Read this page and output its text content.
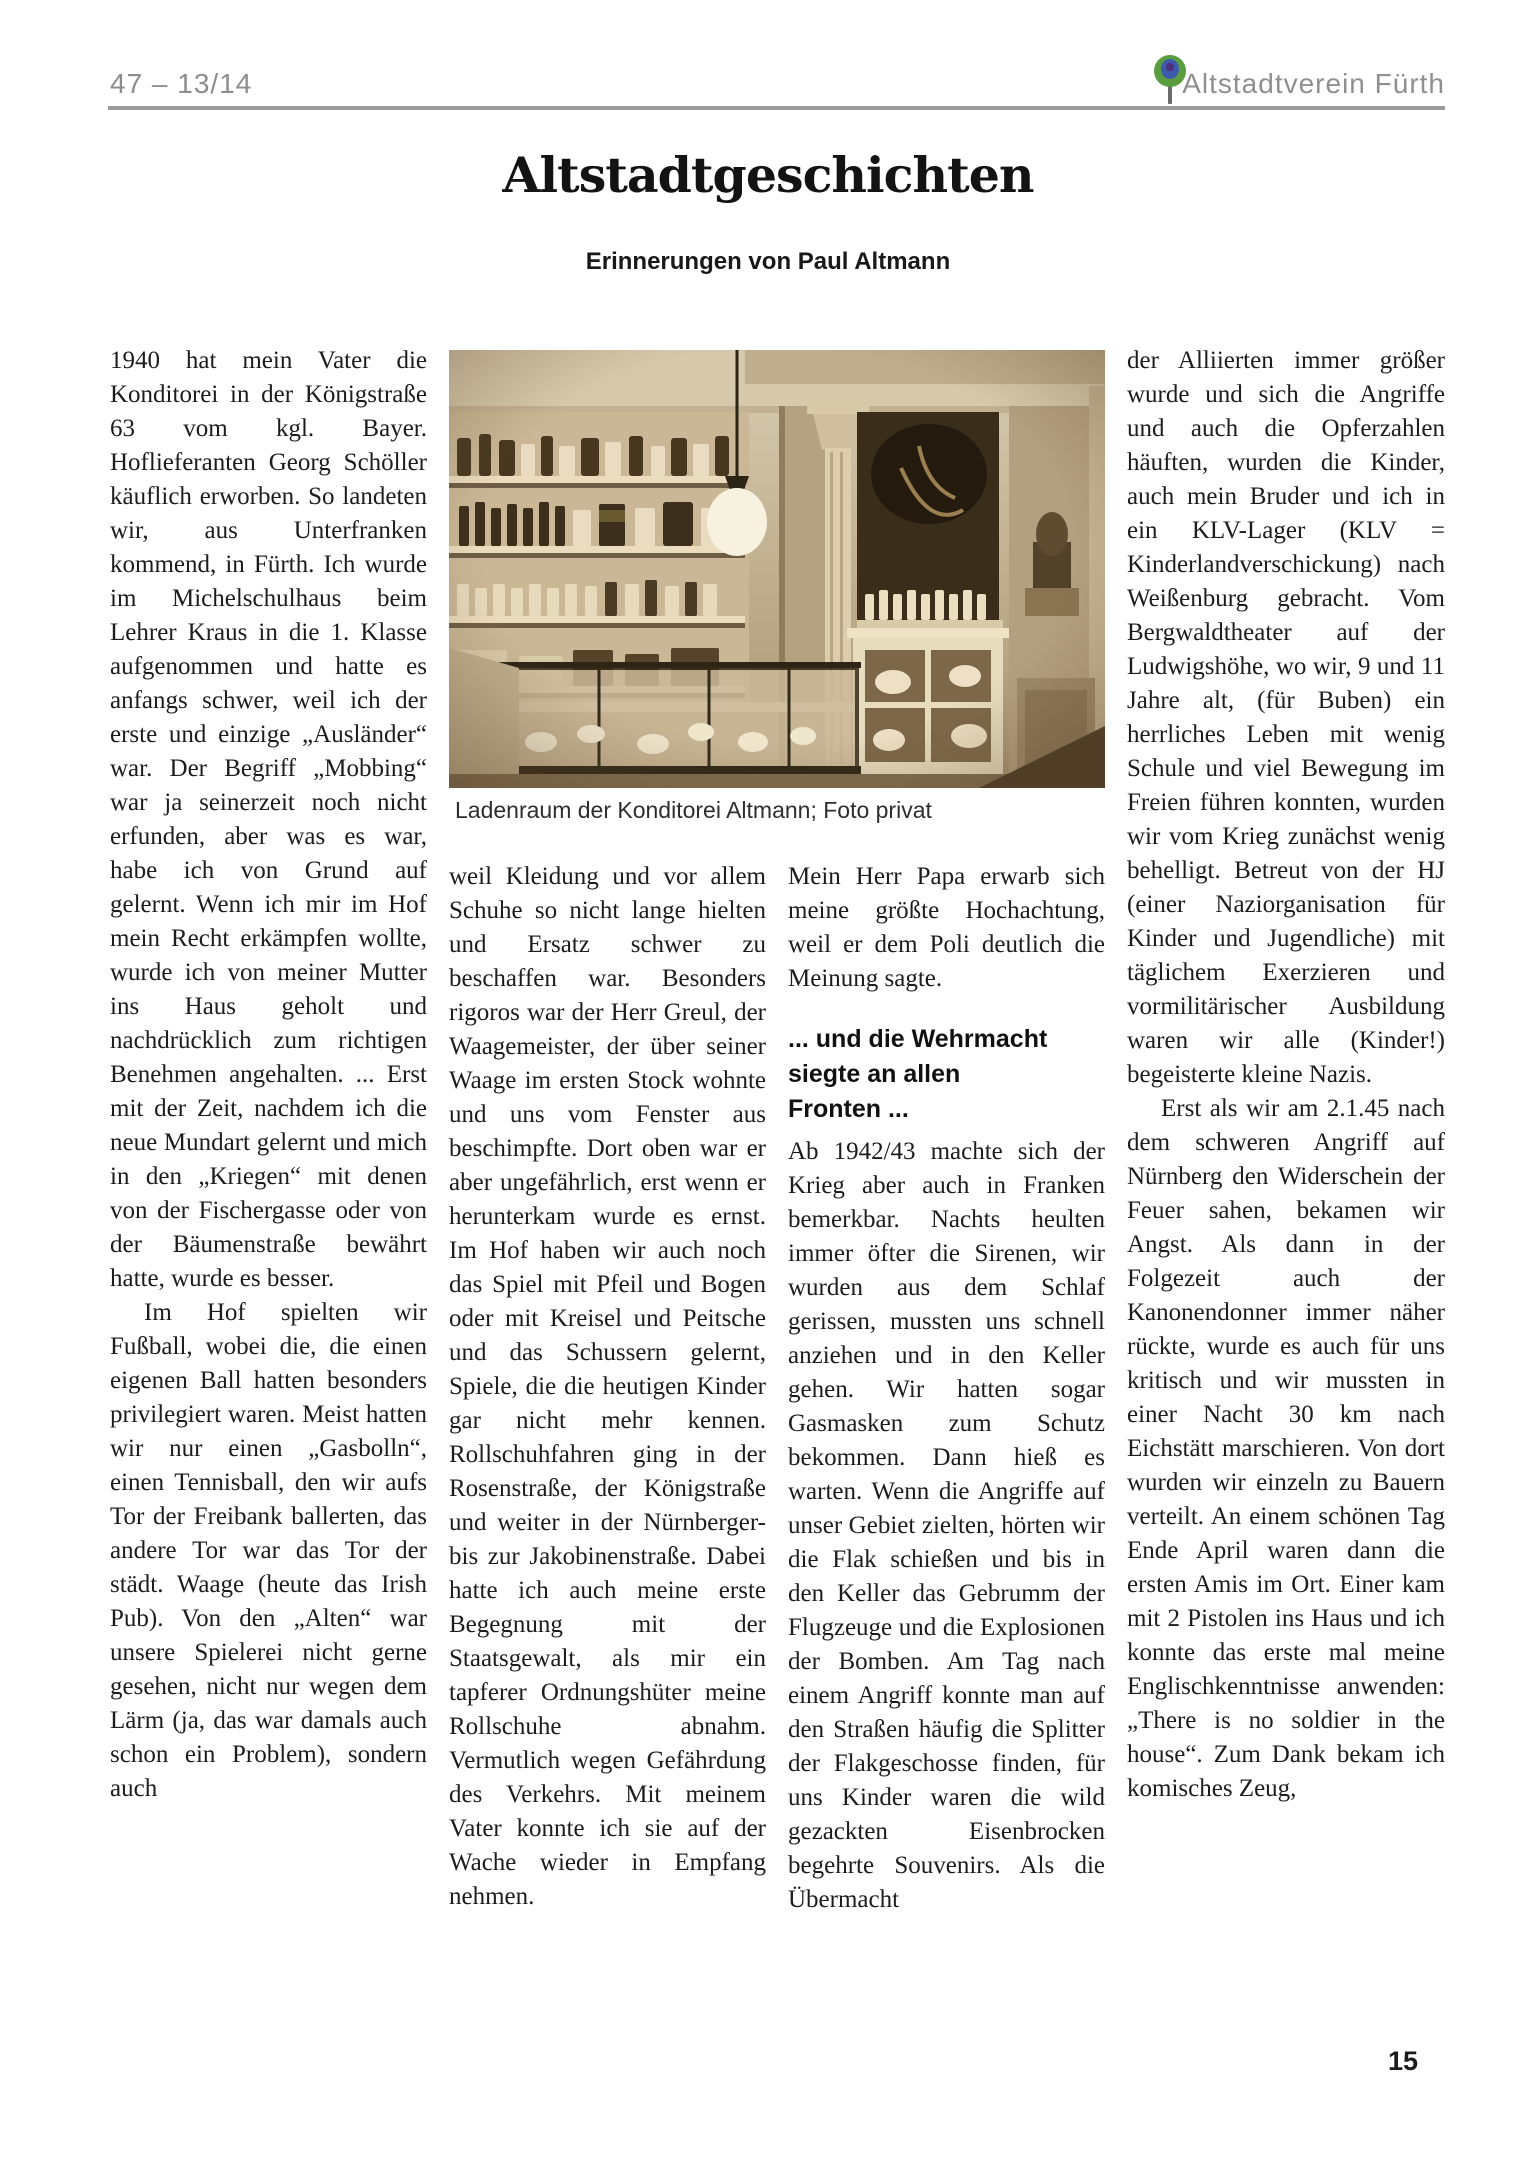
47 – 13/14	Altstadtverein Fürth
Altstadtgeschichten
Erinnerungen von Paul Altmann

1940 hat mein Vater die Konditorei in der Königstraße 63 vom kgl. Bayer. Hoflieferanten Georg Schöller käuflich erworben. So landeten wir, aus Unterfranken kommend, in Fürth. Ich wurde im Michelschulhaus beim Lehrer Kraus in die 1. Klasse aufgenommen und hatte es anfangs schwer, weil ich der erste und einzige „Ausländer“ war. Der Begriff „Mobbing“ war ja seinerzeit noch nicht erfunden, aber was es war, habe ich von Grund auf gelernt. Wenn ich mir im Hof mein Recht erkämpfen wollte, wurde ich von meiner Mutter ins Haus geholt und nachdrücklich zum richtigen Benehmen angehalten. ... Erst mit der Zeit, nachdem ich die neue Mundart gelernt und mich in den „Kriegen“ mit denen von der Fischergasse oder von der Bäumenstraße bewährt hatte, wurde es besser.

Im Hof spielten wir Fußball, wobei die, die einen eigenen Ball hatten besonders privilegiert waren. Meist hatten wir nur einen „Gasbolln“, einen Tennisball, den wir aufs Tor der Freibank ballerten, das andere Tor war das Tor der städt. Waage (heute das Irish Pub). Von den „Alten“ war unsere Spielerei nicht gerne gesehen, nicht nur wegen dem Lärm (ja, das war damals auch schon ein Problem), sondern auch

Ladenraum der Konditorei Altmann; Foto privat

weil Kleidung und vor allem Schuhe so nicht lange hielten und Ersatz schwer zu beschaffen war. Besonders rigoros war der Herr Greul, der Waagemeister, der über seiner Waage im ersten Stock wohnte und uns vom Fenster aus beschimpfte. Dort oben war er aber ungefährlich, erst wenn er herunterkam wurde es ernst. Im Hof haben wir auch noch das Spiel mit Pfeil und Bogen oder mit Kreisel und Peitsche und das Schussern gelernt, Spiele, die die heutigen Kinder gar nicht mehr kennen. Rollschuhfahren ging in der Rosenstraße, der Königstraße und weiter in der Nürnberger- bis zur Jakobinenstraße. Dabei hatte ich auch meine erste Begegnung mit der Staatsgewalt, als mir ein tapferer Ordnungshüter meine Rollschuhe abnahm. Vermutlich wegen Gefährdung des Verkehrs. Mit meinem Vater konnte ich sie auf der Wache wieder in Empfang nehmen.

Mein Herr Papa erwarb sich meine größte Hochachtung, weil er dem Poli deutlich die Meinung sagte.

... und die Wehrmacht
siegte an allen
Fronten ...

Ab 1942/43 machte sich der Krieg aber auch in Franken bemerkbar. Nachts heulten immer öfter die Sirenen, wir wurden aus dem Schlaf gerissen, mussten uns schnell anziehen und in den Keller gehen. Wir hatten sogar Gasmasken zum Schutz bekommen. Dann hieß es warten. Wenn die Angriffe auf unser Gebiet zielten, hörten wir die Flak schießen und bis in den Keller das Gebrumm der Flugzeuge und die Explosionen der Bomben. Am Tag nach einem Angriff konnte man auf den Straßen häufig die Splitter der Flakgeschosse finden, für uns Kinder waren die wild gezackten Eisenbrocken begehrte Souvenirs. Als die Übermacht

der Alliierten immer größer wurde und sich die Angriffe und auch die Opferzahlen häuften, wurden die Kinder, auch mein Bruder und ich in ein KLV-Lager (KLV = Kinderlandverschickung) nach Weißenburg gebracht. Vom Bergwaldtheater auf der Ludwigshöhe, wo wir, 9 und 11 Jahre alt, (für Buben) ein herrliches Leben mit wenig Schule und viel Bewegung im Freien führen konnten, wurden wir vom Krieg zunächst wenig behelligt. Betreut von der HJ (einer Naziorganisation für Kinder und Jugendliche) mit täglichem Exerzieren und vormilitärischer Ausbildung waren wir alle (Kinder!) begeisterte kleine Nazis.

Erst als wir am 2.1.45 nach dem schweren Angriff auf Nürnberg den Widerschein der Feuer sahen, bekamen wir Angst. Als dann in der Folgezeit auch der Kanonendonner immer näher rückte, wurde es auch für uns kritisch und wir mussten in einer Nacht 30 km nach Eichstätt marschieren. Von dort wurden wir einzeln zu Bauern verteilt. An einem schönen Tag Ende April waren dann die ersten Amis im Ort. Einer kam mit 2 Pistolen ins Haus und ich konnte das erste mal meine Englischkenntnisse anwenden: „There is no soldier in the house“. Zum Dank bekam ich komisches Zeug,

15
